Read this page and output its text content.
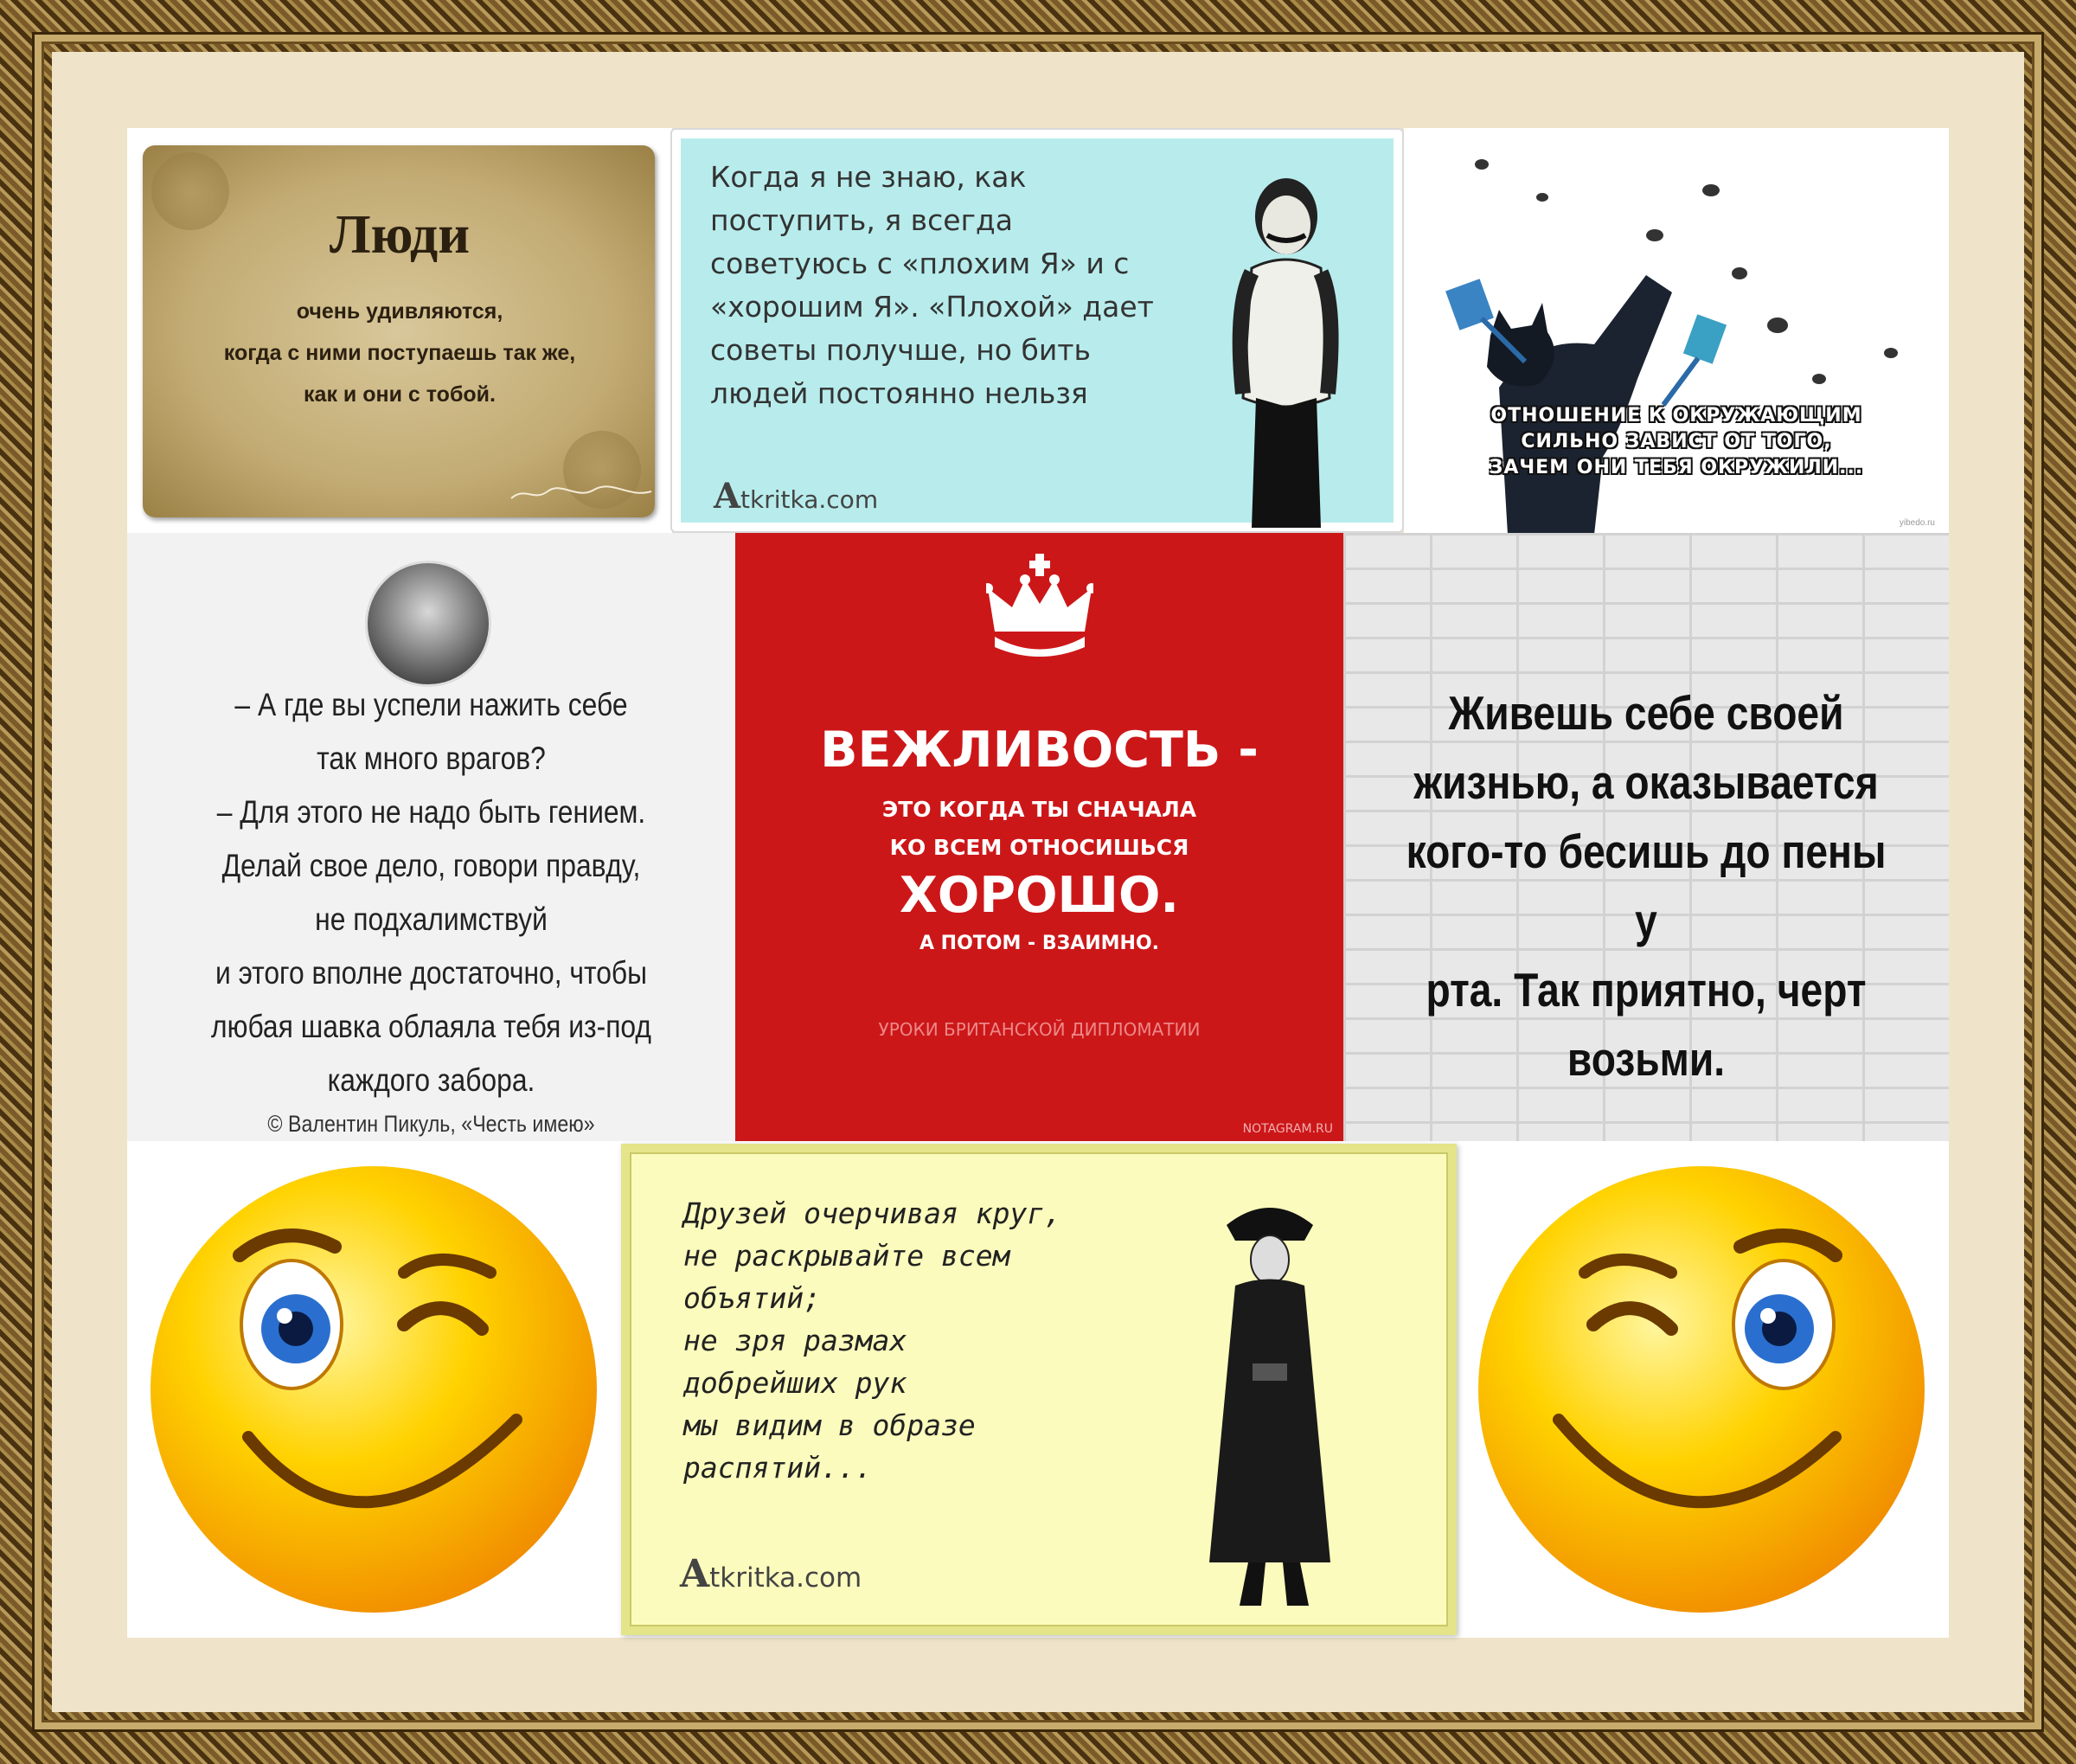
Люди
очень удивляются,
когда с ними поступаешь так же,
как и они с тобой.
Когда я не знаю, как поступить, я всегда советуюсь с «плохим Я» и с «хорошим Я». «Плохой» дает советы получше, но бить людей постоянно нельзя
Atkritka.com
ОТНОШЕНИЕ К ОКРУЖАЮЩИМ
СИЛЬНО ЗАВИСТ ОТ ТОГО,
ЗАЧЕМ ОНИ ТЕБЯ ОКРУЖИЛИ...
yibedo.ru
– А где вы успели нажить себе
так много врагов?
– Для этого не надо быть гением.
Делай свое дело, говори правду,
не подхалимствуй
и этого вполне достаточно, чтобы
любая шавка облаяла тебя из-под
каждого забора.
© Валентин Пикуль, «Честь имею»
ВЕЖЛИВОСТЬ -
ЭТО КОГДА ТЫ СНАЧАЛА
КО ВСЕМ ОТНОСИШЬСЯ
ХОРОШО.
А ПОТОМ - ВЗАИМНО.
УРОКИ БРИТАНСКОЙ ДИПЛОМАТИИ
NOTAGRAM.RU
Живешь себе своей
жизнью, а оказывается
кого-то бесишь до пены у
рта. Так приятно, черт
возьми.
Друзей очерчивая круг,
не раскрывайте всем
объятий;
не зря размах
добрейших рук
мы видим в образе
распятий...
Atkritka.com
